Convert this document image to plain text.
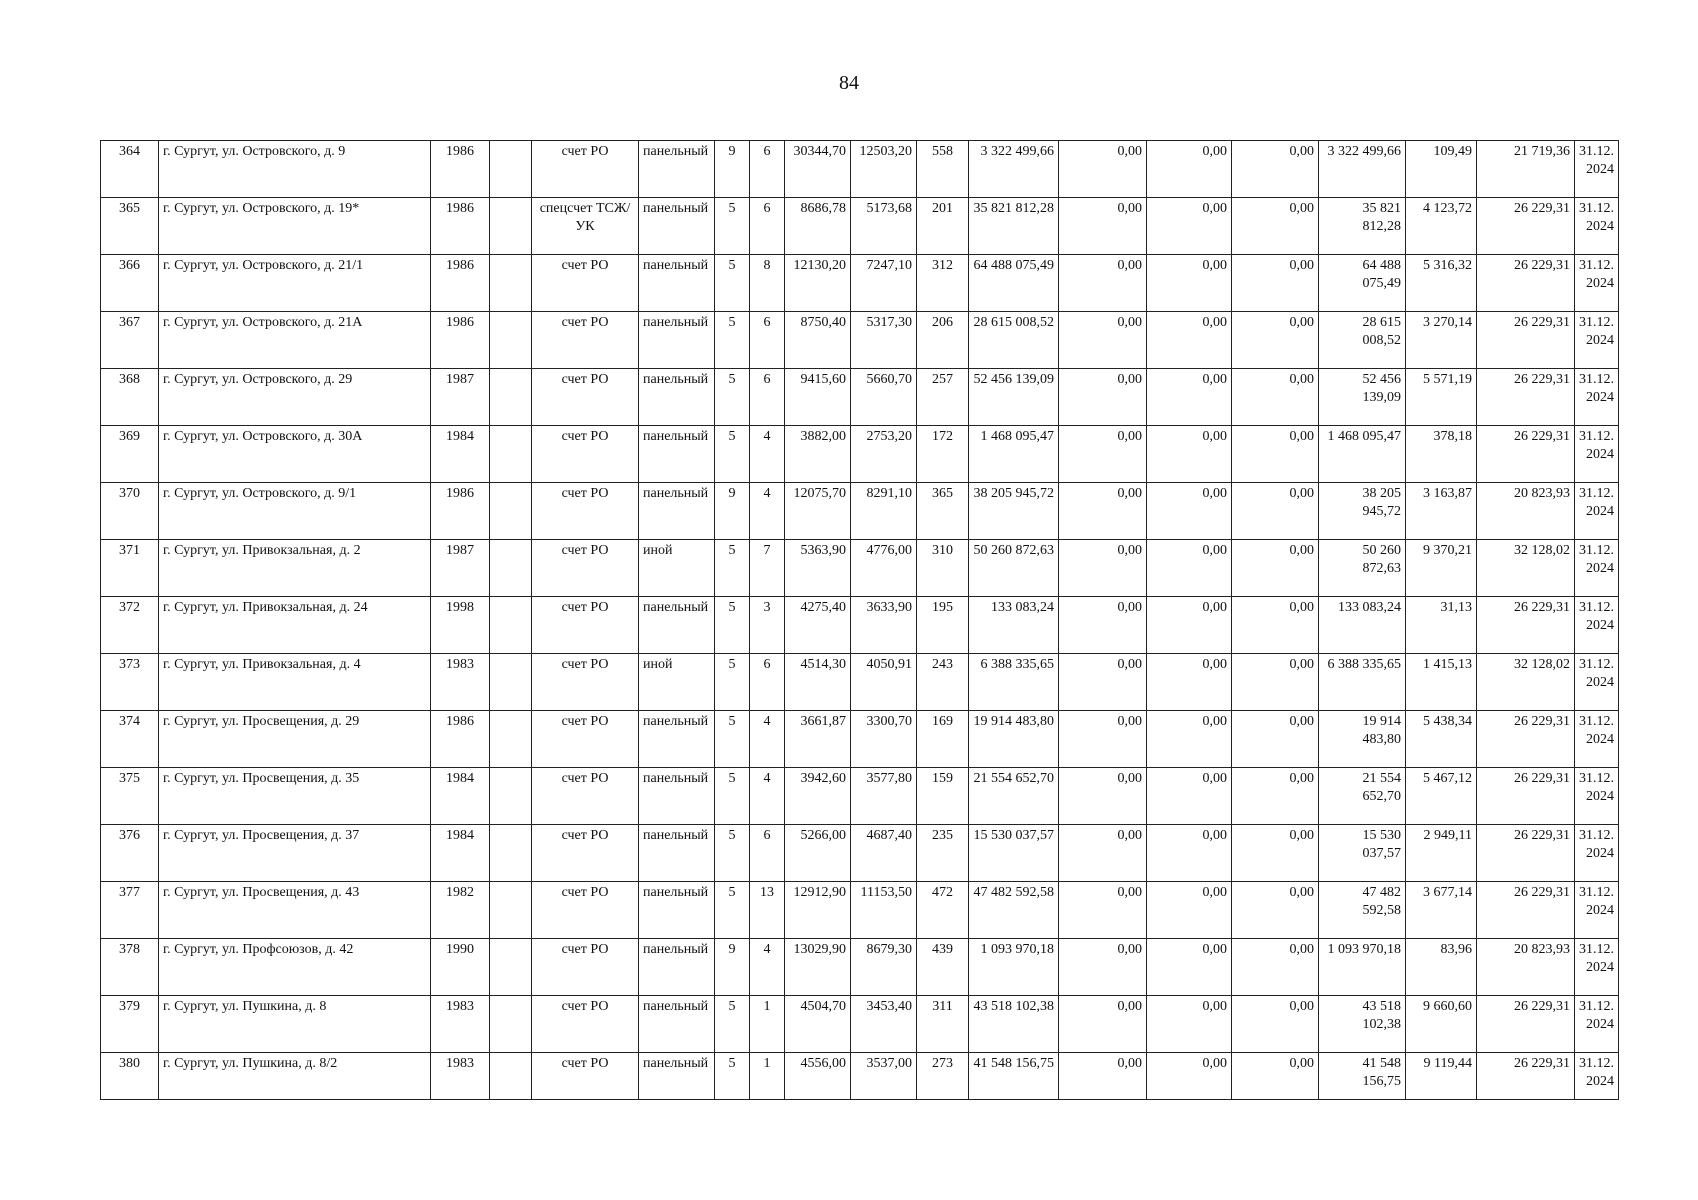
84
364	г. Сургут, ул. Островского, д. 9	1986		счет РО	панельный	9	6	30344,70	12503,20	558	3 322 499,66	0,00	0,00	0,00	3 322 499,66	109,49	21 719,36	31.12.2024
365	г. Сургут, ул. Островского, д. 19*	1986		спецсчет ТСЖ/УК	панельный	5	6	8686,78	5173,68	201	35 821 812,28	0,00	0,00	0,00	35 821 812,28	4 123,72	26 229,31	31.12.2024
366	г. Сургут, ул. Островского, д. 21/1	1986		счет РО	панельный	5	8	12130,20	7247,10	312	64 488 075,49	0,00	0,00	0,00	64 488 075,49	5 316,32	26 229,31	31.12.2024
367	г. Сургут, ул. Островского, д. 21А	1986		счет РО	панельный	5	6	8750,40	5317,30	206	28 615 008,52	0,00	0,00	0,00	28 615 008,52	3 270,14	26 229,31	31.12.2024
368	г. Сургут, ул. Островского, д. 29	1987		счет РО	панельный	5	6	9415,60	5660,70	257	52 456 139,09	0,00	0,00	0,00	52 456 139,09	5 571,19	26 229,31	31.12.2024
369	г. Сургут, ул. Островского, д. 30А	1984		счет РО	панельный	5	4	3882,00	2753,20	172	1 468 095,47	0,00	0,00	0,00	1 468 095,47	378,18	26 229,31	31.12.2024
370	г. Сургут, ул. Островского, д. 9/1	1986		счет РО	панельный	9	4	12075,70	8291,10	365	38 205 945,72	0,00	0,00	0,00	38 205 945,72	3 163,87	20 823,93	31.12.2024
371	г. Сургут, ул. Привокзальная, д. 2	1987		счет РО	иной	5	7	5363,90	4776,00	310	50 260 872,63	0,00	0,00	0,00	50 260 872,63	9 370,21	32 128,02	31.12.2024
372	г. Сургут, ул. Привокзальная, д. 24	1998		счет РО	панельный	5	3	4275,40	3633,90	195	133 083,24	0,00	0,00	0,00	133 083,24	31,13	26 229,31	31.12.2024
373	г. Сургут, ул. Привокзальная, д. 4	1983		счет РО	иной	5	6	4514,30	4050,91	243	6 388 335,65	0,00	0,00	0,00	6 388 335,65	1 415,13	32 128,02	31.12.2024
374	г. Сургут, ул. Просвещения, д. 29	1986		счет РО	панельный	5	4	3661,87	3300,70	169	19 914 483,80	0,00	0,00	0,00	19 914 483,80	5 438,34	26 229,31	31.12.2024
375	г. Сургут, ул. Просвещения, д. 35	1984		счет РО	панельный	5	4	3942,60	3577,80	159	21 554 652,70	0,00	0,00	0,00	21 554 652,70	5 467,12	26 229,31	31.12.2024
376	г. Сургут, ул. Просвещения, д. 37	1984		счет РО	панельный	5	6	5266,00	4687,40	235	15 530 037,57	0,00	0,00	0,00	15 530 037,57	2 949,11	26 229,31	31.12.2024
377	г. Сургут, ул. Просвещения, д. 43	1982		счет РО	панельный	5	13	12912,90	11153,50	472	47 482 592,58	0,00	0,00	0,00	47 482 592,58	3 677,14	26 229,31	31.12.2024
378	г. Сургут, ул. Профсоюзов, д. 42	1990		счет РО	панельный	9	4	13029,90	8679,30	439	1 093 970,18	0,00	0,00	0,00	1 093 970,18	83,96	20 823,93	31.12.2024
379	г. Сургут, ул. Пушкина, д. 8	1983		счет РО	панельный	5	1	4504,70	3453,40	311	43 518 102,38	0,00	0,00	0,00	43 518 102,38	9 660,60	26 229,31	31.12.2024
380	г. Сургут, ул. Пушкина, д. 8/2	1983		счет РО	панельный	5	1	4556,00	3537,00	273	41 548 156,75	0,00	0,00	0,00	41 548 156,75	9 119,44	26 229,31	31.12.2024
